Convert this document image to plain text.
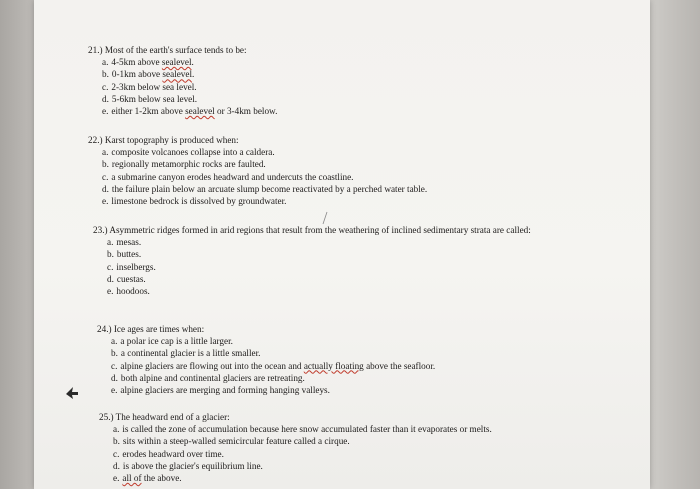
21.) Most of the earth's surface tends to be:

a. 4-5km above sealevel.

b. 0-1km above sealevel.

c. 2-3km below sea level.

d. 5-6km below sea level.

e. either 1-2km above sealevel or 3-4km below.

22.) Karst topography is produced when:

a. composite volcanoes collapse into a caldera.

b. regionally metamorphic rocks are faulted.

c. a submarine canyon erodes headward and undercuts the coastline.

d. the failure plain below an arcuate slump become reactivated by a perched water table.

e. limestone bedrock is dissolved by groundwater.

23.) Asymmetric ridges formed in arid regions that result from the weathering of inclined sedimentary strata are called:

a. mesas.

b. buttes.

c. inselbergs.

d. cuestas.

e. hoodoos.

24.) Ice ages are times when:

a. a polar ice cap is a little larger.

b. a continental glacier is a little smaller.

c. alpine glaciers are flowing out into the ocean and actually floating above the seafloor.

d. both alpine and continental glaciers are retreating.

e. alpine glaciers are merging and forming hanging valleys.

25.) The headward end of a glacier:

a. is called the zone of accumulation because here snow accumulated faster than it evaporates or melts.

b. sits within a steep-walled semicircular feature called a cirque.

c. erodes headward over time.

d. is above the glacier's equilibrium line.

e. all of the above.
